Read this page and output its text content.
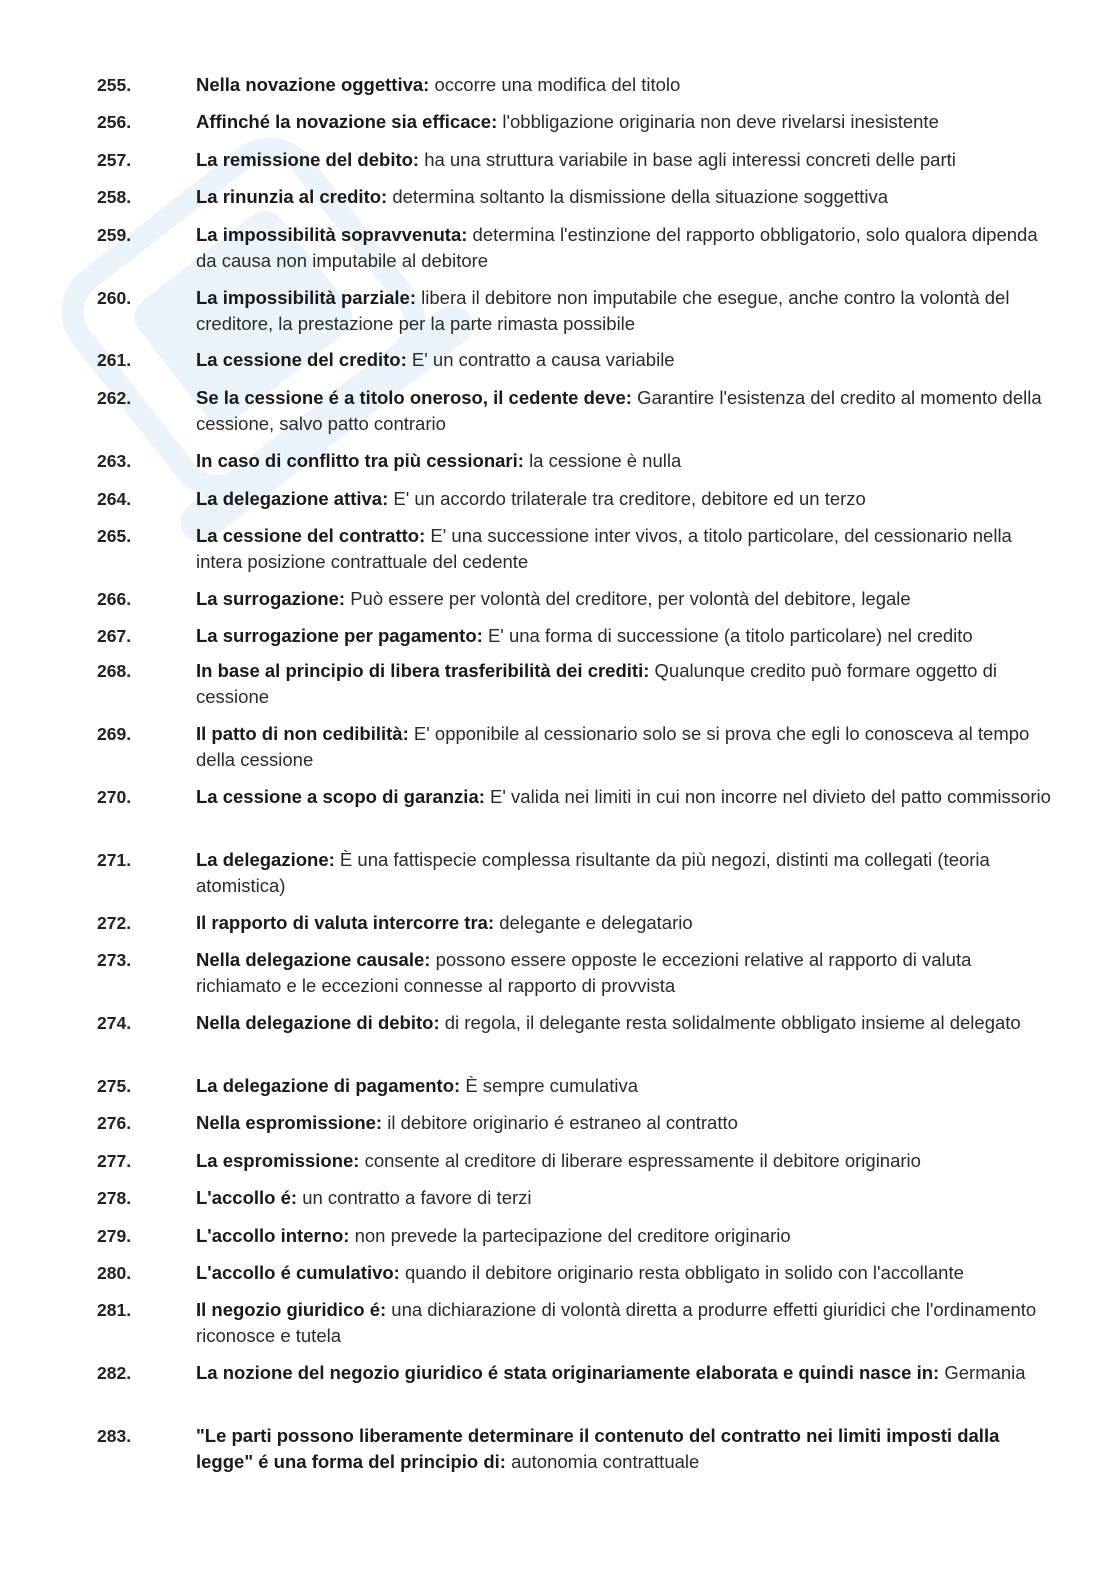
255.	Nella novazione oggettiva: occorre una modifica del titolo
256.	Affinché la novazione sia efficace: l'obbligazione originaria non deve rivelarsi inesistente
257.	La remissione del debito: ha una struttura variabile in base agli interessi concreti delle parti
258.	La rinunzia al credito: determina soltanto la dismissione della situazione soggettiva
259.	La impossibilità sopravvenuta: determina l'estinzione del rapporto obbligatorio, solo qualora dipenda da causa non imputabile al debitore
260.	La impossibilità parziale: libera il debitore non imputabile che esegue, anche contro la volontà del creditore, la prestazione per la parte rimasta possibile
261.	La cessione del credito: E' un contratto a causa variabile
262.	Se la cessione é a titolo oneroso, il cedente deve: Garantire l'esistenza del credito al momento della cessione, salvo patto contrario
263.	In caso di conflitto tra più cessionari: la cessione è nulla
264.	La delegazione attiva: E' un accordo trilaterale tra creditore, debitore ed un terzo
265.	La cessione del contratto: E' una successione inter vivos, a titolo particolare, del cessionario nella intera posizione contrattuale del cedente
266.	La surrogazione: Può essere per volontà del creditore, per volontà del debitore, legale
267.	La surrogazione per pagamento: E' una forma di successione (a titolo particolare) nel credito
268.	In base al principio di libera trasferibilità dei crediti: Qualunque credito può formare oggetto di cessione
269.	Il patto di non cedibilità: E' opponibile al cessionario solo se si prova che egli lo conosceva al tempo della cessione
270.	La cessione a scopo di garanzia: E' valida nei limiti in cui non incorre nel divieto del patto commissorio
271.	La delegazione: È una fattispecie complessa risultante da più negozi, distinti ma collegati (teoria atomistica)
272.	Il rapporto di valuta intercorre tra: delegante e delegatario
273.	Nella delegazione causale: possono essere opposte le eccezioni relative al rapporto di valuta richiamato e le eccezioni connesse al rapporto di provvista
274.	Nella delegazione di debito: di regola, il delegante resta solidalmente obbligato insieme al delegato
275.	La delegazione di pagamento: È sempre cumulativa
276.	Nella espromissione: il debitore originario é estraneo al contratto
277.	La espromissione: consente al creditore di liberare espressamente il debitore originario
278.	L'accollo é: un contratto a favore di terzi
279.	L'accollo interno: non prevede la partecipazione del creditore originario
280.	L'accollo é cumulativo: quando il debitore originario resta obbligato in solido con l'accollante
281.	Il negozio giuridico é: una dichiarazione di volontà diretta a produrre effetti giuridici che l'ordinamento riconosce e tutela
282.	La nozione del negozio giuridico é stata originariamente elaborata e quindi nasce in: Germania
283.	"Le parti possono liberamente determinare il contenuto del contratto nei limiti imposti dalla legge" é una forma del principio di: autonomia contrattuale
